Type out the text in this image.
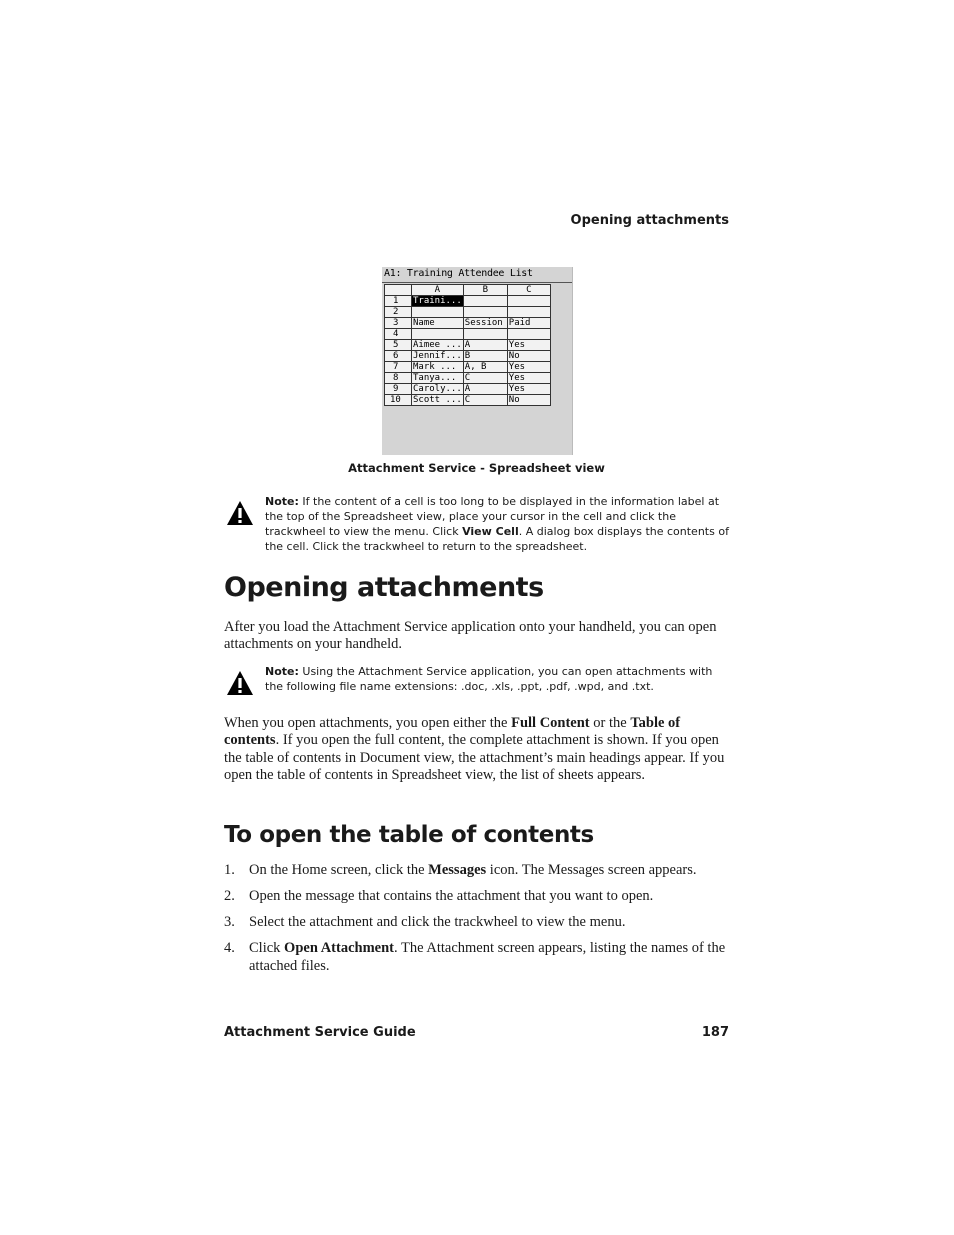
Opening attachments
A1: Training Attendee List
	A	B	C
1	Traini...		
2			
3	Name	Session	Paid
4			
5	Aimee ...	A	Yes
6	Jennif...	B	No
7	Mark ...	A, B	Yes
8	Tanya...	C	Yes
9	Caroly...	A	Yes
10	Scott ...	C	No
Attachment Service - Spreadsheet view
Note: If the content of a cell is too long to be displayed in the information label at the top of the Spreadsheet view, place your cursor in the cell and click the trackwheel to view the menu. Click View Cell. A dialog box displays the contents of the cell. Click the trackwheel to return to the spreadsheet.
Opening attachments

After you load the Attachment Service application onto your handheld, you can open attachments on your handheld.

Note: Using the Attachment Service application, you can open attachments with the following file name extensions: .doc, .xls, .ppt, .pdf, .wpd, and .txt.

When you open attachments, you open either the Full Content or the Table of contents. If you open the full content, the complete attachment is shown. If you open the table of contents in Document view, the attachment’s main headings appear. If you open the table of contents in Spreadsheet view, the list of sheets appears.

To open the table of contents
1. On the Home screen, click the Messages icon. The Messages screen appears.
2. Open the message that contains the attachment that you want to open.
3. Select the attachment and click the trackwheel to view the menu.
4. Click Open Attachment. The Attachment screen appears, listing the names of the attached files.
Attachment Service Guide	187
